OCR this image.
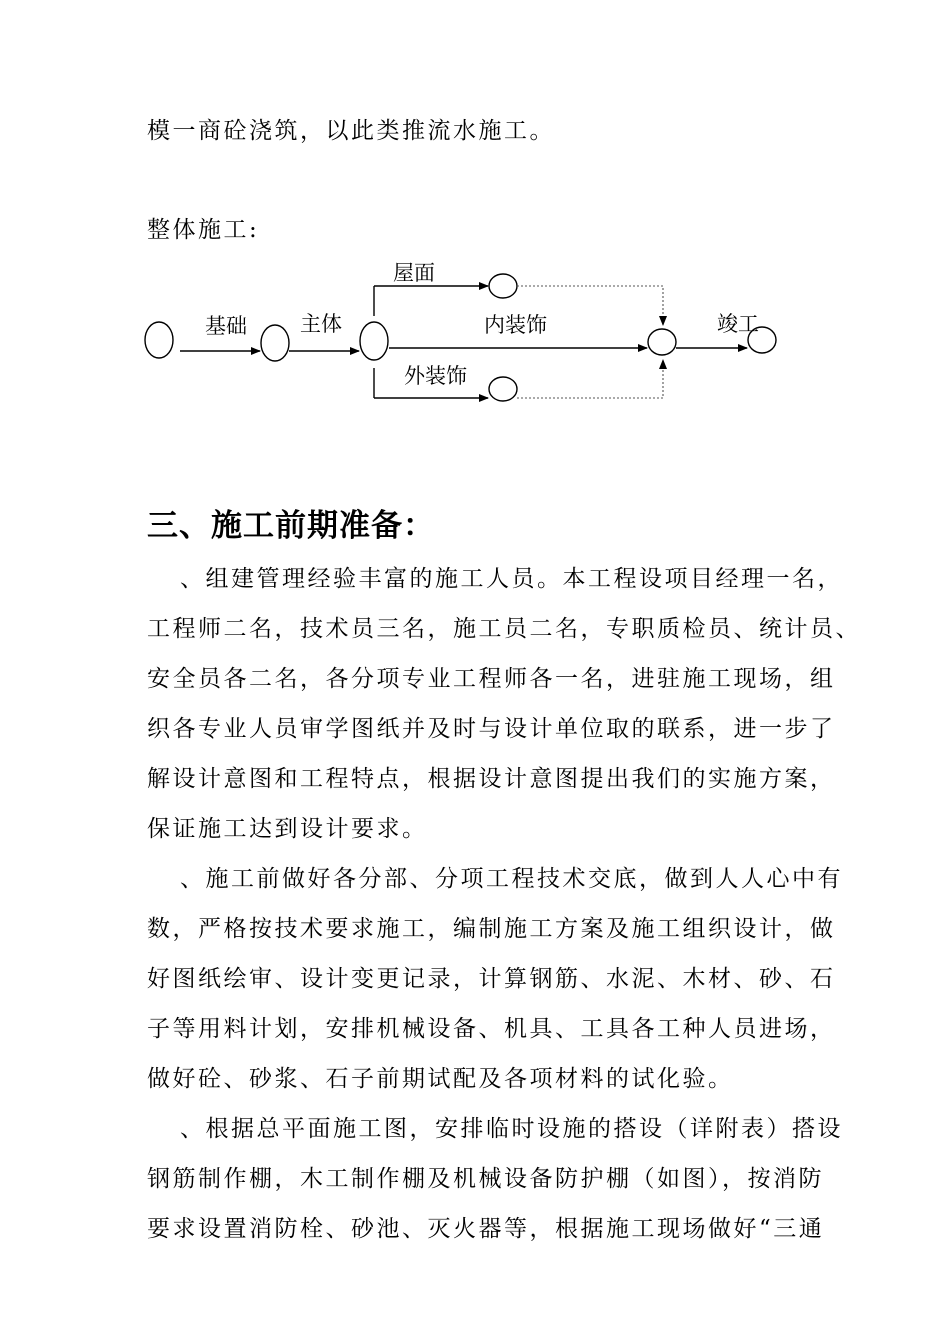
模一商砼浇筑，以此类推流水施工。
整体施工:
基础	主体
屋面
内装饰
外装饰
竣工
三、施工前期准备：
、组建管理经验丰富的施工人员。本工程设项目经理一名，
工程师二名，技术员三名，施工员二名，专职质检员、统计员、
安全员各二名，各分项专业工程师各一名，进驻施工现场，组
织各专业人员审学图纸并及时与设计单位取的联系，进一步了
解设计意图和工程特点，根据设计意图提出我们的实施方案，
保证施工达到设计要求。
、施工前做好各分部、分项工程技术交底，做到人人心中有
数，严格按技术要求施工，编制施工方案及施工组织设计，做
好图纸绘审、设计变更记录，计算钢筋、水泥、木材、砂、石
子等用料计划，安排机械设备、机具、工具各工种人员进场，
做好砼、砂浆、石子前期试配及各项材料的试化验。
、根据总平面施工图，安排临时设施的搭设（详附表）搭设
钢筋制作棚，木工制作棚及机械设备防护棚（如图），按消防
要求设置消防栓、砂池、灭火器等，根据施工现场做好“三通
